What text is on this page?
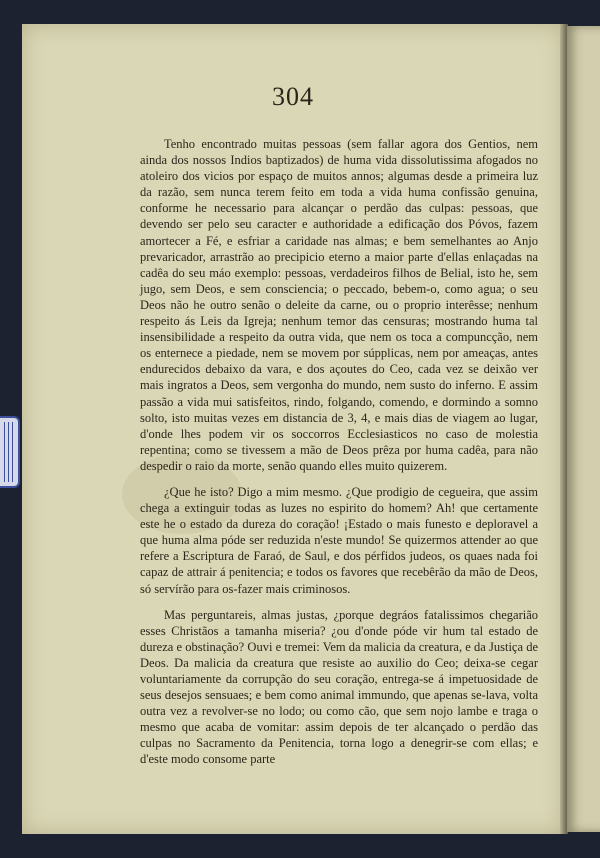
304

Tenho encontrado muitas pessoas (sem fallar agora dos Gentios, nem ainda dos nossos Indios baptizados) de huma vida dissolutissima afogados no atoleiro dos vicios por espaço de muitos annos; algumas desde a primeira luz da razão, sem nunca terem feito em toda a vida huma confissão genuina, conforme he necessario para alcançar o perdão das culpas: pessoas, que devendo ser pelo seu caracter e authoridade a edificação dos Póvos, fazem amortecer a Fé, e esfriar a caridade nas almas; e bem semelhantes ao Anjo prevaricador, arrastrão ao precipicio eterno a maior parte d'ellas enlaçadas na cadêa do seu máo exemplo: pessoas, verdadeiros filhos de Belial, isto he, sem jugo, sem Deos, e sem consciencia; o peccado, bebem-o, como agua; o seu Deos não he outro senão o deleite da carne, ou o proprio interêsse; nenhum respeito ás Leis da Igreja; nenhum temor das censuras; mostrando huma tal insensibilidade a respeito da outra vida, que nem os toca a compuncção, nem os enternece a piedade, nem se movem por súpplicas, nem por ameaças, antes endurecidos debaixo da vara, e dos açoutes do Ceo, cada vez se deixão ver mais ingratos a Deos, sem vergonha do mundo, nem susto do inferno. E assim passão a vida mui satisfeitos, rindo, folgando, comendo, e dormindo a somno solto, isto muitas vezes em distancia de 3, 4, e mais dias de viagem ao lugar, d'onde lhes podem vir os soccorros Ecclesiasticos no caso de molestia repentina; como se tivessem a mão de Deos prêza por huma cadêa, para não despedir o raio da morte, senão quando elles muito quizerem.

¿Que he isto? Digo a mim mesmo. ¿Que prodigio de cegueira, que assim chega a extinguir todas as luzes no espirito do homem? Ah! que certamente este he o estado da dureza do coração! ¡Estado o mais funesto e deploravel a que huma alma póde ser reduzida n'este mundo! Se quizermos attender ao que refere a Escriptura de Faraó, de Saul, e dos pérfidos judeos, os quaes nada foi capaz de attrair á penitencia; e todos os favores que recebêrão da mão de Deos, só servírão para os-fazer mais criminosos.

Mas perguntareis, almas justas, ¿porque degráos fatalissimos chegarião esses Christãos a tamanha miseria? ¿ou d'onde póde vir hum tal estado de dureza e obstinação? Ouvi e tremei: Vem da malicia da creatura, e da Justiça de Deos. Da malicia da creatura que resiste ao auxilio do Ceo; deixa-se cegar voluntariamente da corrupção do seu coração, entrega-se á impetuosidade de seus desejos sensuaes; e bem como animal immundo, que apenas se-lava, volta outra vez a revolver-se no lodo; ou como cão, que sem nojo lambe e traga o mesmo que acaba de vomitar: assim depois de ter alcançado o perdão das culpas no Sacramento da Penitencia, torna logo a denegrir-se com ellas; e d'este modo consome parte
